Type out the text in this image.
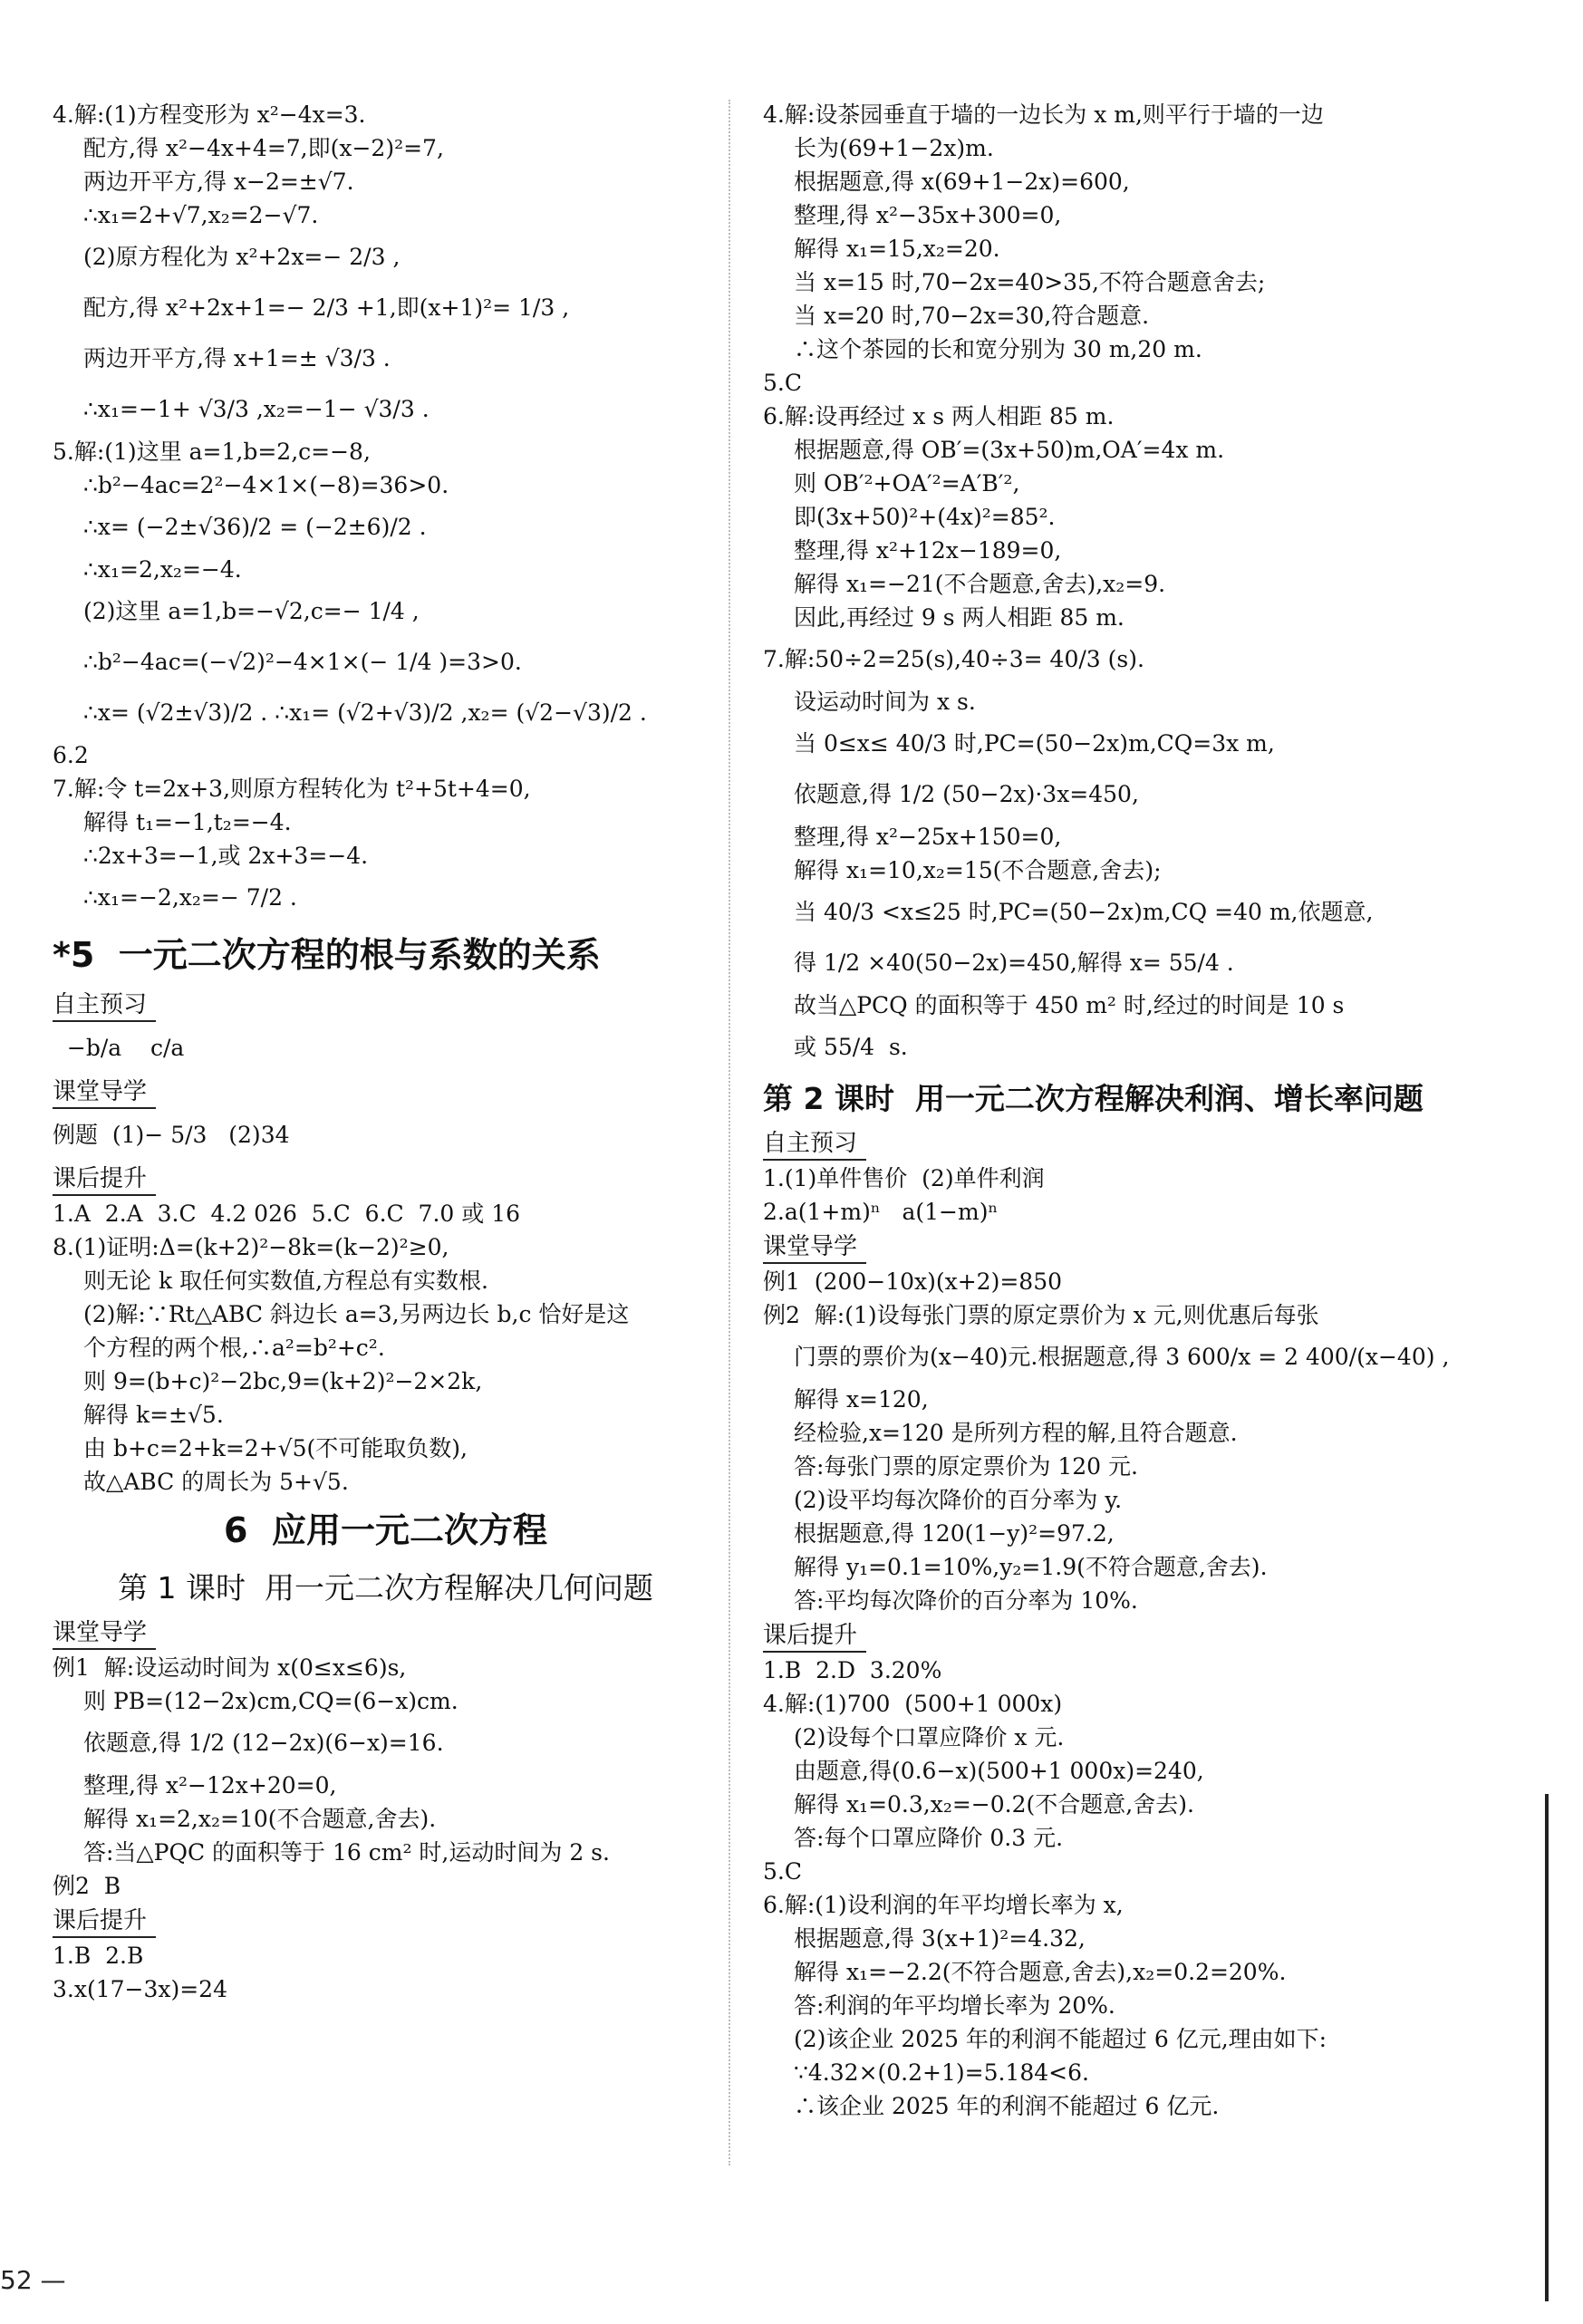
4.解:(1)方程变形为 x²−4x=3.
配方,得 x²−4x+4=7,即(x−2)²=7,
两边开平方,得 x−2=±√7.
∴x₁=2+√7,x₂=2−√7.
(2)原方程化为 x²+2x=− 2/3 ,
配方,得 x²+2x+1=− 2/3 +1,即(x+1)²= 1/3 ,
两边开平方,得 x+1=± √3/3 .
∴x₁=−1+ √3/3 ,x₂=−1− √3/3 .
5.解:(1)这里 a=1,b=2,c=−8,
∴b²−4ac=2²−4×1×(−8)=36>0.
∴x= (−2±√36)/2 = (−2±6)/2 .
∴x₁=2,x₂=−4.
(2)这里 a=1,b=−√2,c=− 1/4 ,
∴b²−4ac=(−√2)²−4×1×(− 1/4 )=3>0.
∴x= (√2±√3)/2 . ∴x₁= (√2+√3)/2 ,x₂= (√2−√3)/2 .
6.2
7.解:令 t=2x+3,则原方程转化为 t²+5t+4=0,
解得 t₁=−1,t₂=−4.
∴2x+3=−1,或 2x+3=−4.
∴x₁=−2,x₂=− 7/2 .
*5  一元二次方程的根与系数的关系
自主预习
−b/a    c/a
课堂导学
例题  (1)− 5/3   (2)34
课后提升
1.A  2.A  3.C  4.2 026  5.C  6.C  7.0 或 16
8.(1)证明:Δ=(k+2)²−8k=(k−2)²≥0,
则无论 k 取任何实数值,方程总有实数根.
(2)解:∵Rt△ABC 斜边长 a=3,另两边长 b,c 恰好是这
个方程的两个根,∴a²=b²+c².
则 9=(b+c)²−2bc,9=(k+2)²−2×2k,
解得 k=±√5.
由 b+c=2+k=2+√5(不可能取负数),
故△ABC 的周长为 5+√5.
6  应用一元二次方程
第 1 课时  用一元二次方程解决几何问题
课堂导学
例1  解:设运动时间为 x(0≤x≤6)s,
则 PB=(12−2x)cm,CQ=(6−x)cm.
依题意,得 1/2 (12−2x)(6−x)=16.
整理,得 x²−12x+20=0,
解得 x₁=2,x₂=10(不合题意,舍去).
答:当△PQC 的面积等于 16 cm² 时,运动时间为 2 s.
例2  B
课后提升
1.B  2.B
3.x(17−3x)=24
4.解:设茶园垂直于墙的一边长为 x m,则平行于墙的一边
长为(69+1−2x)m.
根据题意,得 x(69+1−2x)=600,
整理,得 x²−35x+300=0,
解得 x₁=15,x₂=20.
当 x=15 时,70−2x=40>35,不符合题意舍去;
当 x=20 时,70−2x=30,符合题意.
∴这个茶园的长和宽分别为 30 m,20 m.
5.C
6.解:设再经过 x s 两人相距 85 m.
根据题意,得 OB′=(3x+50)m,OA′=4x m.
则 OB′²+OA′²=A′B′²,
即(3x+50)²+(4x)²=85².
整理,得 x²+12x−189=0,
解得 x₁=−21(不合题意,舍去),x₂=9.
因此,再经过 9 s 两人相距 85 m.
7.解:50÷2=25(s),40÷3= 40/3 (s).
设运动时间为 x s.
当 0≤x≤ 40/3 时,PC=(50−2x)m,CQ=3x m,
依题意,得 1/2 (50−2x)·3x=450,
整理,得 x²−25x+150=0,
解得 x₁=10,x₂=15(不合题意,舍去);
当 40/3 <x≤25 时,PC=(50−2x)m,CQ =40 m,依题意,
得 1/2 ×40(50−2x)=450,解得 x= 55/4 .
故当△PCQ 的面积等于 450 m² 时,经过的时间是 10 s
或 55/4  s.
第 2 课时  用一元二次方程解决利润、增长率问题
自主预习
1.(1)单件售价  (2)单件利润
2.a(1+m)ⁿ   a(1−m)ⁿ
课堂导学
例1  (200−10x)(x+2)=850
例2  解:(1)设每张门票的原定票价为 x 元,则优惠后每张
门票的票价为(x−40)元.根据题意,得 3 600/x = 2 400/(x−40) ,
解得 x=120,
经检验,x=120 是所列方程的解,且符合题意.
答:每张门票的原定票价为 120 元.
(2)设平均每次降价的百分率为 y.
根据题意,得 120(1−y)²=97.2,
解得 y₁=0.1=10%,y₂=1.9(不符合题意,舍去).
答:平均每次降价的百分率为 10%.
课后提升
1.B  2.D  3.20%
4.解:(1)700  (500+1 000x)
(2)设每个口罩应降价 x 元.
由题意,得(0.6−x)(500+1 000x)=240,
解得 x₁=0.3,x₂=−0.2(不合题意,舍去).
答:每个口罩应降价 0.3 元.
5.C
6.解:(1)设利润的年平均增长率为 x,
根据题意,得 3(x+1)²=4.32,
解得 x₁=−2.2(不符合题意,舍去),x₂=0.2=20%.
答:利润的年平均增长率为 20%.
(2)该企业 2025 年的利润不能超过 6 亿元,理由如下:
∵4.32×(0.2+1)=5.184<6.
∴该企业 2025 年的利润不能超过 6 亿元.
52 —
